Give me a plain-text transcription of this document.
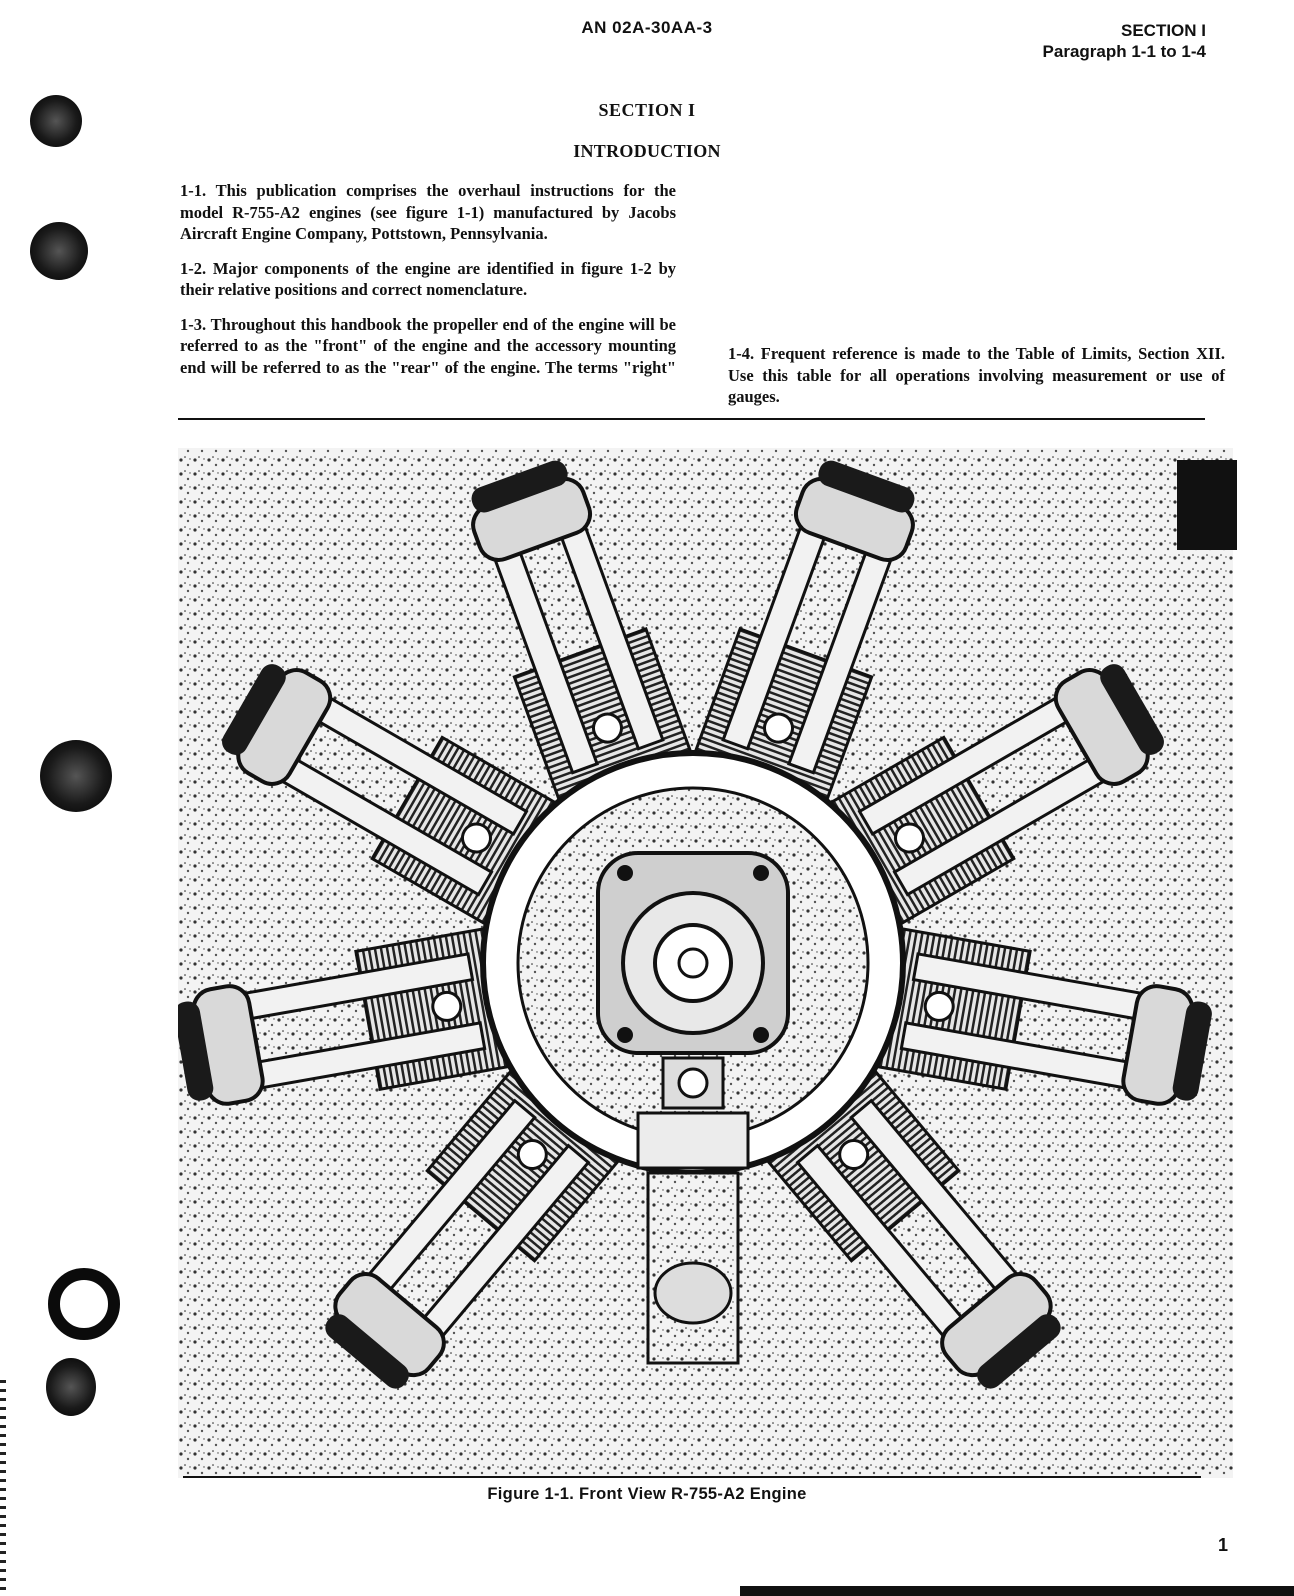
AN 02A-30AA-3	SECTION I
Paragraph 1-1 to 1-4
SECTION I
INTRODUCTION

1-1. This publication comprises the overhaul instructions for the model R-755-A2 engines (see figure 1-1) manufactured by Jacobs Aircraft Engine Company, Pottstown, Pennsylvania.

1-2. Major components of the engine are identified in figure 1-2 by their relative positions and correct nomenclature.

1-3. Throughout this handbook the propeller end of the engine will be referred to as the "front" of the engine and the accessory mounting end will be referred to as the "rear" of the engine. The terms "right"

1-4. Frequent reference is made to the Table of Limits, Section XII. Use this table for all operations involving measurement or use of gauges.

Figure 1-1. Front View R-755-A2 Engine
1
